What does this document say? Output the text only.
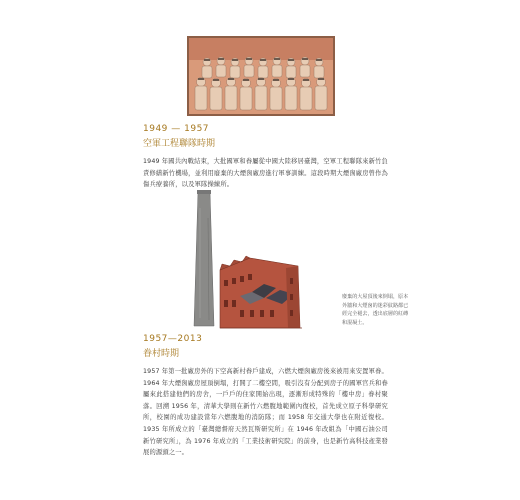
1949 — 1957
空軍工程聯隊時期
1949 年國共內戰結束，大批國軍和眷屬從中國大陸移居臺灣，空軍工程聯隊來新竹負責修繕新竹機場，並利用廢棄的大煙囪廠房進行軍事訓練。這段時期大煙囪廠房曾作為傷兵療養所，以及軍隊操練所。
廢棄的大屋頂後來倒塌，原本外牆和大煙囪的迷彩紋路都已經完全褪去，透出底層的紅磚和混凝土。
1957—2013
眷村時期
1957 年第一批廠房外的下空高新村眷戶建成，六燃大煙囪廠房後來被用來安置軍眷。1964 年大煙囪廠房屋頂倒塌，打開了二樓空間，吸引沒有分配到房子的國軍官兵和眷屬來此搭建他們的房舍，一戶戶的住家開始出現，逐漸形成特殊的「樓中房」眷村聚落。回溯 1956 年，清華大學則在新竹六燃腹地範圍內復校，首先成立原子科學研究所，校園的成功建設當年六燃腹地的消防隊；而 1958 年交通大學也在附近復校。1935 年所成立的「臺灣總督府天然瓦斯研究所」在 1946 年改組為「中國石油公司新竹研究所」，為 1976 年成立的「工業技術研究院」的前身，也是新竹高科技產業發展的源頭之一。
